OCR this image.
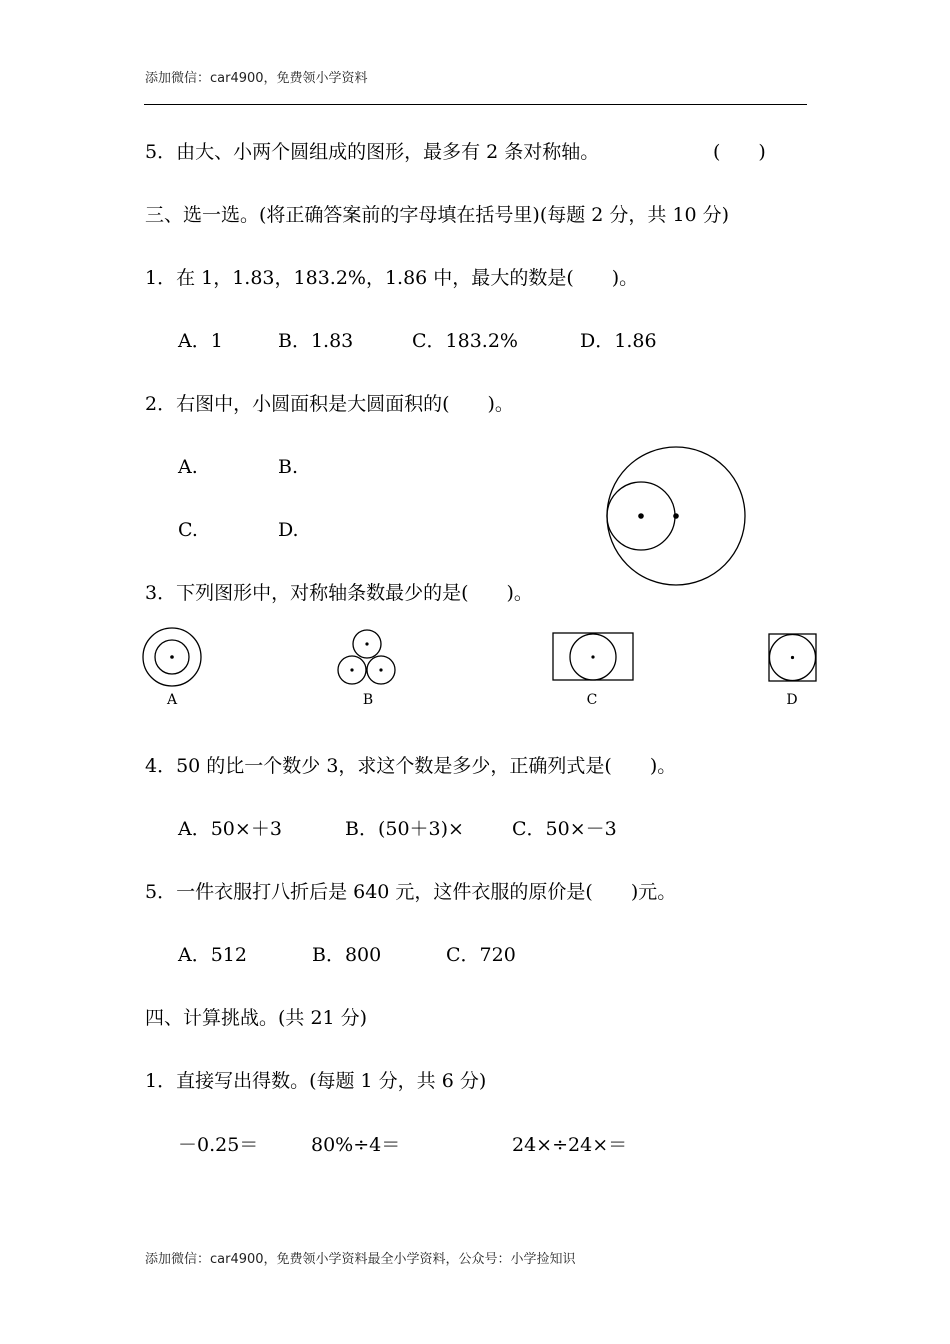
添加微信：car4900，免费领小学资料
5．由大、小两个圆组成的图形，最多有 2 条对称轴。	(　　)
三、选一选。(将正确答案前的字母填在括号里)(每题 2 分，共 10 分)
1．在 1，1.83，183.2%，1.86 中，最大的数是(　　)。
A．1	B．1.83	C．183.2%	D．1.86
2．右图中，小圆面积是大圆面积的(　　)。
A.	B.
C.	D.
3．下列图形中，对称轴条数最少的是(　　)。
A	B	C	D
4．50 的比一个数少 3，求这个数是多少，正确列式是(　　)。
A．50×＋3	B．(50＋3)×	C．50×－3
5．一件衣服打八折后是 640 元，这件衣服的原价是(　　)元。
A．512	B．800	C．720
四、计算挑战。(共 21 分)
1．直接写出得数。(每题 1 分，共 6 分)
－0.25＝	80%÷4＝	24×÷24×＝
添加微信：car4900，免费领小学资料最全小学资料，公众号：小学捡知识
